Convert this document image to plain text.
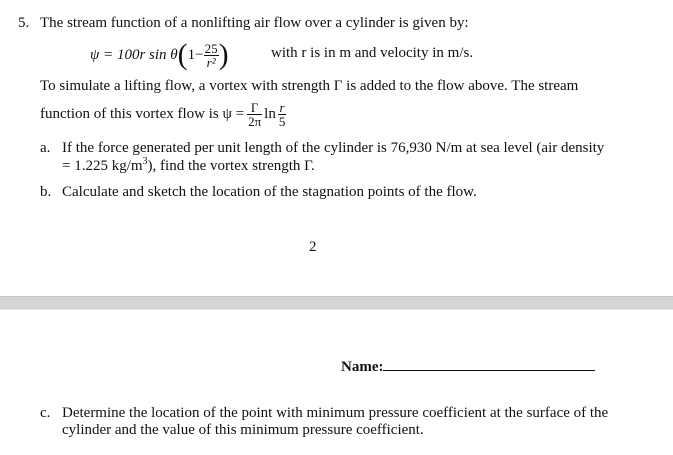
5. The stream function of a nonlifting air flow over a cylinder is given by:
ψ = 100r sin θ ( $1- \frac{25}{\text{r²}}$ )	with r is in m and velocity in m/s.
To simulate a lifting flow, a vortex with strength Γ is added to the flow above. The stream
function of this vortex flow is $\psi = \frac{\Gamma}{2\pi}$ $\ln \frac{r}{5}$
a. If the force generated per unit length of the cylinder is 76,930 N/m at sea level (air density
= 1.225 $kg/m^3$), find the vortex strength Γ.
b. Calculate and sketch the location of the stagnation points of the flow.
2
Name:
c. Determine the location of the point with minimum pressure coefficient at the surface of the
cylinder and the value of this minimum pressure coefficient.
